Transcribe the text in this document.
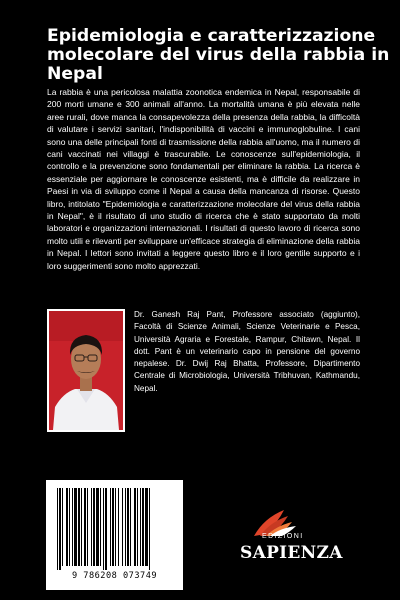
Epidemiologia e caratterizzazione molecolare del virus della rabbia in Nepal

La rabbia è una pericolosa malattia zoonotica endemica in Nepal, responsabile di 200 morti umane e 300 animali all'anno. La mortalità umana è più elevata nelle aree rurali, dove manca la consapevolezza della presenza della rabbia, la difficoltà di valutare i servizi sanitari, l'indisponibilità di vaccini e immunoglobuline. I cani sono una delle principali fonti di trasmissione della rabbia all'uomo, ma il numero di cani vaccinati nei villaggi è trascurabile. Le conoscenze sull'epidemiologia, il controllo e la prevenzione sono fondamentali per eliminare la rabbia. La ricerca è essenziale per aggiornare le conoscenze esistenti, ma è difficile da realizzare in Paesi in via di sviluppo come il Nepal a causa della mancanza di risorse. Questo libro, intitolato "Epidemiologia e caratterizzazione molecolare del virus della rabbia in Nepal", è il risultato di uno studio di ricerca che è stato supportato da molti laboratori e organizzazioni internazionali. I risultati di questo lavoro di ricerca sono molto utili e rilevanti per sviluppare un'efficace strategia di eliminazione della rabbia in Nepal. I lettori sono invitati a leggere questo libro e il loro gentile supporto e i loro suggerimenti sono molto apprezzati.

Dr. Ganesh Raj Pant, Professore associato (aggiunto), Facoltà di Scienze Animali, Scienze Veterinarie e Pesca, Università Agraria e Forestale, Rampur, Chitawn, Nepal. Il dott. Pant è un veterinario capo in pensione del governo nepalese. Dr. Dwij Raj Bhatta, Professore, Dipartimento Centrale di Microbiologia, Università Tribhuvan, Kathmandu, Nepal.

9 786208 073749
EDIZIONI
SAPIENZA
